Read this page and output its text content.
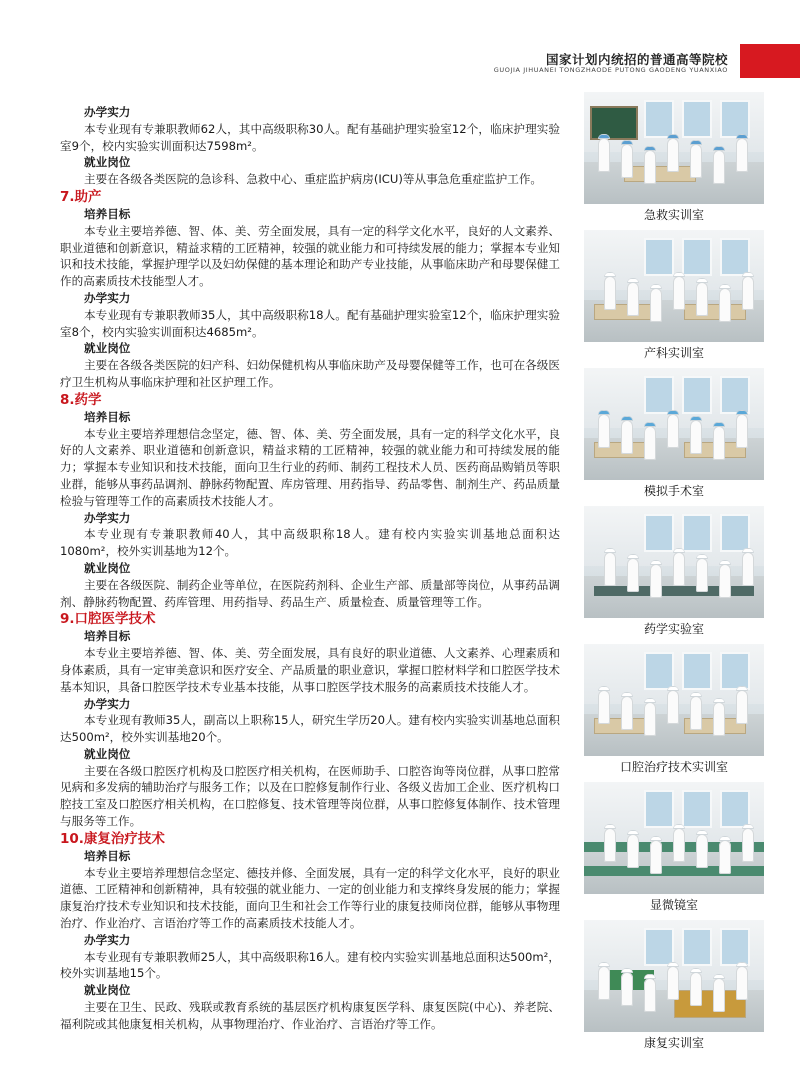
国家计划内统招的普通高等院校
GUOJIA JIHUANEI TONGZHAODE PUTONG GAODENG YUANXIAO

办学实力

本专业现有专兼职教师62人，其中高级职称30人。配有基础护理实验室12个，临床护理实验室9个，校内实验实训面积达7598m²。

就业岗位

主要在各级各类医院的急诊科、急救中心、重症监护病房(ICU)等从事急危重症监护工作。

7.助产

培养目标

本专业主要培养德、智、体、美、劳全面发展，具有一定的科学文化水平，良好的人文素养、职业道德和创新意识，精益求精的工匠精神，较强的就业能力和可持续发展的能力；掌握本专业知识和技术技能，掌握护理学以及妇幼保健的基本理论和助产专业技能，从事临床助产和母婴保健工作的高素质技术技能型人才。

办学实力

本专业现有专兼职教师35人，其中高级职称18人。配有基础护理实验室12个，临床护理实验室8个，校内实验实训面积达4685m²。

就业岗位

主要在各级各类医院的妇产科、妇幼保健机构从事临床助产及母婴保健等工作，也可在各级医疗卫生机构从事临床护理和社区护理工作。

8.药学

培养目标

本专业主要培养理想信念坚定，德、智、体、美、劳全面发展，具有一定的科学文化水平，良好的人文素养、职业道德和创新意识，精益求精的工匠精神，较强的就业能力和可持续发展的能力；掌握本专业知识和技术技能，面向卫生行业的药师、制药工程技术人员、医药商品购销员等职业群，能够从事药品调剂、静脉药物配置、库房管理、用药指导、药品零售、制剂生产、药品质量检验与管理等工作的高素质技术技能人才。

办学实力

本专业现有专兼职教师40人，其中高级职称18人。建有校内实验实训基地总面积达1080m²，校外实训基地为12个。

就业岗位

主要在各级医院、制药企业等单位，在医院药剂科、企业生产部、质量部等岗位，从事药品调剂、静脉药物配置、药库管理、用药指导、药品生产、质量检查、质量管理等工作。

9.口腔医学技术

培养目标

本专业主要培养德、智、体、美、劳全面发展，具有良好的职业道德、人文素养、心理素质和身体素质，具有一定审美意识和医疗安全、产品质量的职业意识，掌握口腔材料学和口腔医学技术基本知识，具备口腔医学技术专业基本技能，从事口腔医学技术服务的高素质技术技能人才。

办学实力

本专业现有教师35人，副高以上职称15人，研究生学历20人。建有校内实验实训基地总面积达500m²，校外实训基地20个。

就业岗位

主要在各级口腔医疗机构及口腔医疗相关机构，在医师助手、口腔咨询等岗位群，从事口腔常见病和多发病的辅助治疗与服务工作；以及在口腔修复制作行业、各级义齿加工企业、医疗机构口腔技工室及口腔医疗相关机构，在口腔修复、技术管理等岗位群，从事口腔修复体制作、技术管理与服务等工作。

10.康复治疗技术

培养目标

本专业主要培养理想信念坚定、德技并修、全面发展，具有一定的科学文化水平，良好的职业道德、工匠精神和创新精神，具有较强的就业能力、一定的创业能力和支撑终身发展的能力；掌握康复治疗技术专业知识和技术技能，面向卫生和社会工作等行业的康复技师岗位群，能够从事物理治疗、作业治疗、言语治疗等工作的高素质技术技能人才。

办学实力

本专业现有专兼职教师25人，其中高级职称16人。建有校内实验实训基地总面积达500m²，校外实训基地15个。

就业岗位

主要在卫生、民政、残联或教育系统的基层医疗机构康复医学科、康复医院(中心)、养老院、福利院或其他康复相关机构，从事物理治疗、作业治疗、言语治疗等工作。

急救实训室
产科实训室
模拟手术室
药学实验室
口腔治疗技术实训室
显微镜室
康复实训室
